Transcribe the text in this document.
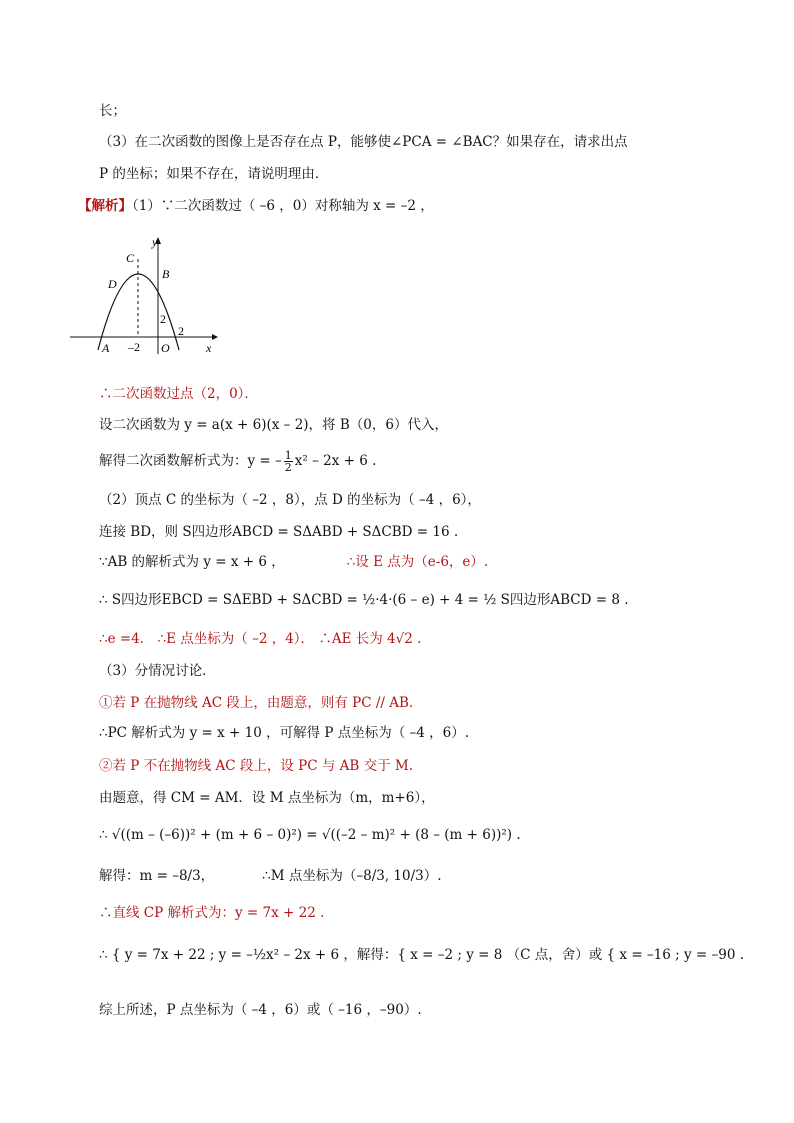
长；
（3）在二次函数的图像上是否存在点 P，能够使∠PCA = ∠BAC？如果存在，请求出点
P 的坐标；如果不存在，请说明理由．
【解析】（1）∵二次函数过（ –6 ，0）对称轴为 x = –2 ，
y
x
C
B
D
A	O
–2
2
2
∴二次函数过点（2，0）．
设二次函数为 y = a(x + 6)(x – 2)，将 B（0，6）代入，
解得二次函数解析式为：y = – $\frac{1}{2} x^2 - 2x + 6$ .
（2）顶点 C 的坐标为（ –2 ，8），点 D 的坐标为（ –4 ，6），
连接 BD，则 S四边形ABCD = SΔABD + SΔCBD = 16 .
∵AB 的解析式为 y = x + 6 ，	∴设 E 点为（e-6，e）.
∴ S四边形EBCD = SΔEBD + SΔCBD = ½·4·(6 – e) + 4 = ½ S四边形ABCD = 8 .
∴e =4． ∴E 点坐标为（ –2 ，4）． ∴AE 长为 4√2 .
（3）分情况讨论．
①若 P 在抛物线 AC 段上，由题意，则有 PC // AB.
∴PC 解析式为 y = x + 10 ，可解得 P 点坐标为（ –4 ，6）.
②若 P 不在抛物线 AC 段上，设 PC 与 AB 交于 M.
由题意，得 CM = AM．设 M 点坐标为（m，m+6），
∴ √((m – (–6))² + (m + 6 – 0)²) = √((–2 – m)² + (8 – (m + 6))²) .
解得：m = –8/3，	∴M 点坐标为（–8/3, 10/3）.
∴直线 CP 解析式为：y = 7x + 22 .
∴ { y = 7x + 22 ; y = –½x² – 2x + 6 ，解得：{ x = –2 ; y = 8 （C 点，舍）或 { x = –16 ; y = –90 .
综上所述，P 点坐标为（ –4 ，6）或（ –16 ，–90）.
